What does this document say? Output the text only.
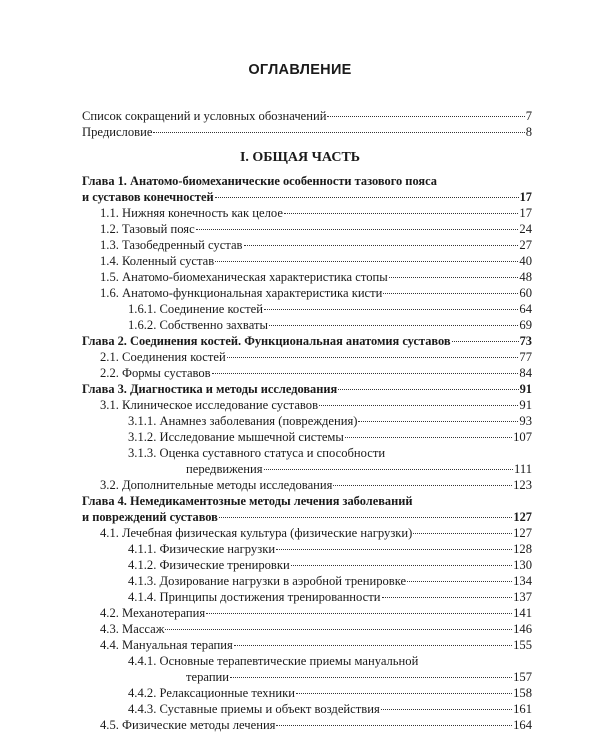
ОГЛАВЛЕНИЕ
Список сокращений и условных обозначений	7
Предисловие	8
I. ОБЩАЯ ЧАСТЬ
Глава 1. Анатомо-биомеханические особенности тазового пояса
и суставов конечностей	17
1.1. Нижняя конечность как целое	17
1.2. Тазовый пояс	24
1.3. Тазобедренный сустав	27
1.4. Коленный сустав	40
1.5. Анатомо-биомеханическая характеристика стопы	48
1.6. Анатомо-функциональная характеристика кисти	60
1.6.1. Соединение костей	64
1.6.2. Собственно захваты	69
Глава 2. Соединения костей. Функциональная анатомия суставов	73
2.1. Соединения костей	77
2.2. Формы суставов	84
Глава 3. Диагностика и методы исследования	91
3.1. Клиническое исследование суставов	91
3.1.1. Анамнез заболевания (повреждения)	93
3.1.2. Исследование мышечной системы	107
3.1.3. Оценка суставного статуса и способности
передвижения	111
3.2. Дополнительные методы исследования	123
Глава 4. Немедикаментозные методы лечения заболеваний
и повреждений суставов	127
4.1. Лечебная физическая культура (физические нагрузки)	127
4.1.1. Физические нагрузки	128
4.1.2. Физические тренировки	130
4.1.3. Дозирование нагрузки в аэробной тренировке	134
4.1.4. Принципы достижения тренированности	137
4.2. Механотерапия	141
4.3. Массаж	146
4.4. Мануальная терапия	155
4.4.1. Основные терапевтические приемы мануальной
терапии	157
4.4.2. Релаксационные техники	158
4.4.3. Суставные приемы и объект воздействия	161
4.5. Физические методы лечения	164
